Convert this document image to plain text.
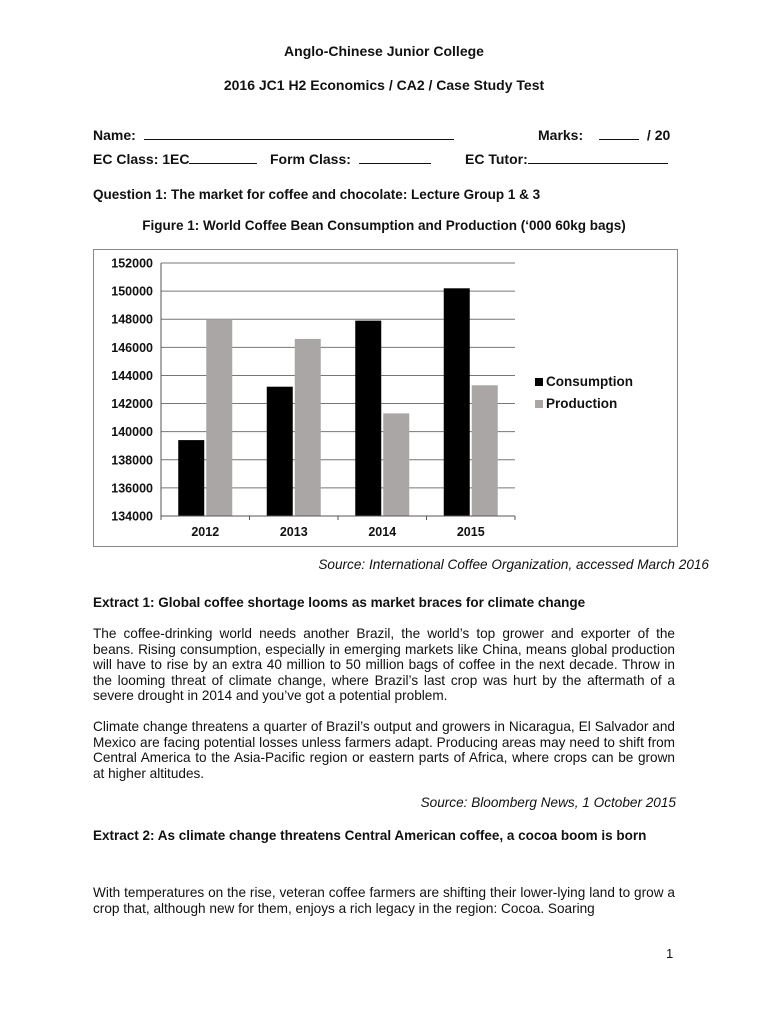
Anglo-Chinese Junior College
2016 JC1 H2 Economics / CA2 / Case Study Test
Name:	Marks:	/ 20
EC Class: 1EC	Form Class:	EC Tutor:
Question 1: The market for coffee and chocolate: Lecture Group 1 & 3
Figure 1: World Coffee Bean Consumption and Production (‘000 60kg bags)
134000
136000
138000
140000
142000
144000
146000
148000
150000
152000
2012	2013	2014	2015
Consumption
Production
Source: International Coffee Organization, accessed March 2016
Extract 1: Global coffee shortage looms as market braces for climate change
The coffee-drinking world needs another Brazil, the world’s top grower and exporter of the beans. Rising consumption, especially in emerging markets like China, means global production will have to rise by an extra 40 million to 50 million bags of coffee in the next decade. Throw in the looming threat of climate change, where Brazil’s last crop was hurt by the aftermath of a severe drought in 2014 and you’ve got a potential problem.
Climate change threatens a quarter of Brazil’s output and growers in Nicaragua, El Salvador and Mexico are facing potential losses unless farmers adapt. Producing areas may need to shift from Central America to the Asia-Pacific region or eastern parts of Africa, where crops can be grown at higher altitudes.
Source: Bloomberg News, 1 October 2015
Extract 2: As climate change threatens Central American coffee, a cocoa boom is born
With temperatures on the rise, veteran coffee farmers are shifting their lower-lying land to grow a crop that, although new for them, enjoys a rich legacy in the region: Cocoa. Soaring
1
